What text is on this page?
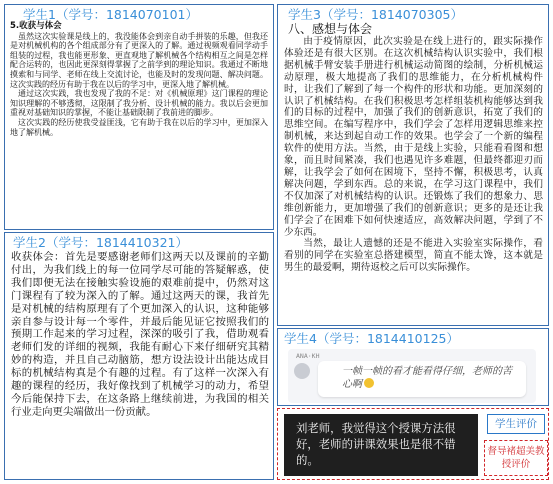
学生1（学号：1814070101）
5.收获与体会

虽然这次实验课是线上的，我没能体会到亲自动手拼装的乐趣，但我还是对机械机构的各个组成部分有了更深入的了解。通过视频观看同学动手组装的过程，我也能更形象、更直观地了解机械各个结构相互之间是怎样配合运转的，也因此更深刻得掌握了之前学到的理论知识。我通过不断地摸索和与同学、老师在线上交流讨论，也能及时的发现问题、解决问题。这次实践的经历有助于我在以后的学习中，更深入地了解机械。

通过这次实践，我也发现了我的不足：对《机械原理》这门课程的理论知识理解的不够透彻，这限制了我分析、设计机械的能力。我以后会更加重视对基础知识的掌握，不能让基础限制了我前进的脚步。

这次实践的经历使我受益匪浅，它有助于我在以后的学习中，更加深入地了解机械。

学生2（学号：1814410321）
收获体会：首先是要感谢老师们这两天以及课前的辛勤付出，为我们线上的每一位同学尽可能的答疑解惑，使我们即便无法在接触实验设施的艰难前提中，仍然对这门课程有了较为深入的了解。通过这两天的课，我首先是对机械的结构原理有了个更加深入的认识，这种能够亲自参与设计每一个零件，并最后能见证它按照我们的预期工作起来的学习过程，深深的吸引了我，借助观看老师们发的详细的视频，我能有耐心下来仔细研究其精妙的构造，并且自己动脑筋，想方设法设计出能达成目标的机械结构真是个有趣的过程。有了这样一次深入有趣的课程的经历，我好像找到了机械学习的动力，希望今后能保持下去，在这条路上继续前进，为我国的相关行业走向更尖端做出一份贡献。
学生3（学号：1814070305）
八、感想与体会

由于疫情原因，此次实验是在线上进行的，跟实际操作体验还是有很大区别。在这次机械结构认识实验中，我们根据机械手臂安装手册进行机械运动简图的绘制，分析机械运动原理，极大地提高了我们的思维能力，在分析机械构件时，让我们了解到了每一个构件的形状和功能。更加深刻的认识了机械结构。在我们积极思考怎样组装机构能够达到我们的目标的过程中，加强了我们的创新意识，拓宽了我们的思维空间。在编写程序中，我们学会了怎样用逻辑思维来控制机械，来达到起自动工作的效果。也学会了一个新的编程软件的使用方法。当然，由于是线上实验，只能看看图和想象，而且时间紧凑，我们也遇见许多难题，但最终都迎刃而解，让我学会了如何在困境下，坚持不懈，积极思考，认真解决问题，学到东西。总的来说，在学习这门课程中，我们不仅加深了对机械结构的认识。还锻炼了我们的想象力、思维创新能力，更加增强了我们的创新意识；更多的是还让我们学会了在困难下如何快速适应，高效解决问题，学到了不少东西。

当然，最让人遗憾的还是不能进入实验室实际操作，看看别的同学在实验室总搭建模型，简直不能太馋，这本就是男生的最爱啊，期待返校之后可以实际操作。

学生4（学号：1814410125）
ANA·KH
一帧一帧的看才能看得仔细，老师的苦心啊
刘老师，我觉得这个授课方法很好，老师的讲课效果也是很不错的。
学生评价
督导褚超美教授评价
